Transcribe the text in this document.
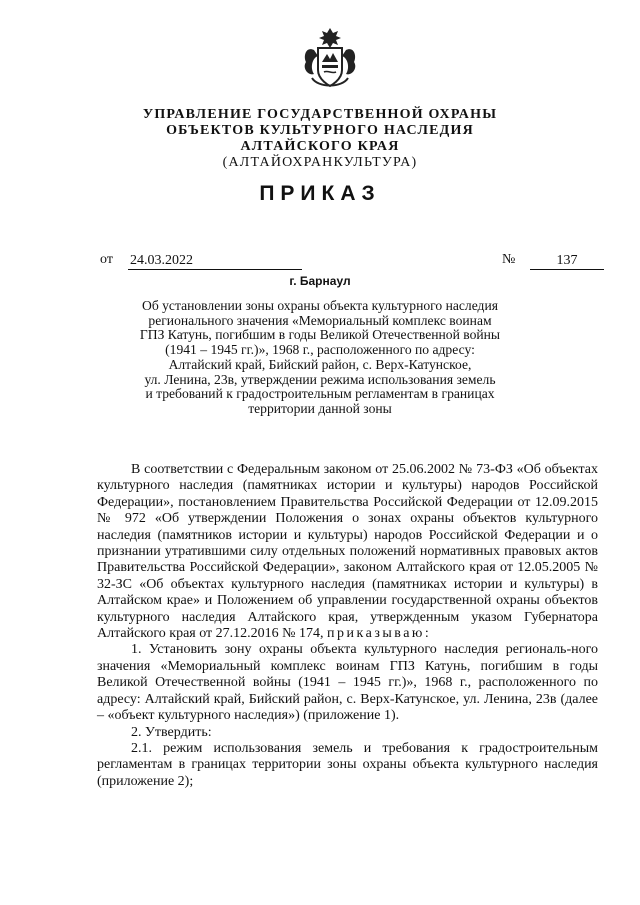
УПРАВЛЕНИЕ ГОСУДАРСТВЕННОЙ ОХРАНЫ
ОБЪЕКТОВ КУЛЬТУРНОГО НАСЛЕДИЯ
АЛТАЙСКОГО КРАЯ
(АЛТАЙОХРАНКУЛЬТУРА)
ПРИКАЗ
от 24.03.2022	№	137
г. Барнаул
Об установлении зоны охраны объекта культурного наследия
регионального значения «Мемориальный комплекс воинам
ГПЗ Катунь, погибшим в годы Великой Отечественной войны
(1941 – 1945 гг.)», 1968 г., расположенного по адресу:
Алтайский край, Бийский район, с. Верх-Катунское,
ул. Ленина, 23в, утверждении режима использования земель
и требований к градостроительным регламентам в границах
территории данной зоны

В соответствии с Федеральным законом от 25.06.2002 № 73-ФЗ «Об объектах культурного наследия (памятниках истории и культуры) народов Российской Федерации», постановлением Правительства Российской Федерации от 12.09.2015 № 972 «Об утверждении Положения о зонах охраны объектов культурного наследия (памятников истории и культуры) народов Российской Федерации и о признании утратившими силу отдельных положений нормативных правовых актов Правительства Российской Федерации», законом Алтайского края от 12.05.2005 № 32-ЗС «Об объектах культурного наследия (памятниках истории и культуры) в Алтайском крае» и Положением об управлении государственной охраны объектов культурного наследия Алтайского края, утвержденным указом Губернатора Алтайского края от 27.12.2016 № 174, приказываю:

1. Установить зону охраны объекта культурного наследия региональ-ного значения «Мемориальный комплекс воинам ГПЗ Катунь, погибшим в годы Великой Отечественной войны (1941 – 1945 гг.)», 1968 г., расположенного по адресу: Алтайский край, Бийский район, с. Верх-Катунское, ул. Ленина, 23в (далее – «объект культурного наследия») (приложение 1).

2. Утвердить:

2.1. режим использования земель и требования к градостроительным регламентам в границах территории зоны охраны объекта культурного наследия (приложение 2);
